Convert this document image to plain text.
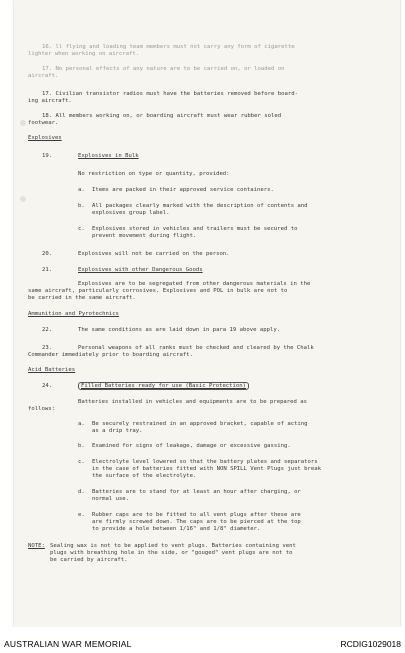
16. ll flying and loading team members must not carry any form of cigarette
lighter when working on aircraft.
17. No personal effects of any nature are to be carried on, or loaded on
aircraft.
17. Civilian transistor radios must have the batteries removed before board-
ing aircraft.
18. All members working on, or boarding aircraft must wear rubber soled
footwear.
Explosives
19.	Explosives in Bulk
No restriction on type or quantity, provided:
a. Items are packed in their approved service containers.
b. All packages clearly marked with the description of contents and
explosives group label.
c. Explosives stored in vehicles and trailers must be secured to
prevent movement during flight.
20.	Explosives will not be carried on the person.
21.	Explosives with other Dangerous Goods
Explosives are to be segregated from other dangerous materials in the
same aircraft, particularly corrosives. Explosives and POL in bulk are not to
be carried in the same aircraft.
Ammunition and Pyrotechnics
22.	The same conditions as are laid down in para 19 above apply.
23.	Personal weapons of all ranks must be checked and cleared by the Chalk
Commander immediately prior to boarding aircraft.
Acid Batteries
24.	Filled Batteries ready for use (Basic Protection)
Batteries installed in vehicles and equipments are to be prepared as
follows:
a. Be securely restrained in an approved bracket, capable of acting
as a drip tray.
b. Examined for signs of leakage, damage or excessive gassing.
c. Electrolyte level lowered so that the battery plates and separators
in the case of batteries fitted with NON SPILL Vent Plugs just break
the surface of the electrolyte.
d. Batteries are to stand for at least an hour after charging, or
normal use.
e. Rubber caps are to be fitted to all vent plugs after these are
are firmly screwed down. The caps are to be pierced at the top
to provide a hole between 1/16" and 1/8" diameter.
NOTE: Sealing wax is not to be applied to vent plugs. Batteries containing vent
plugs with breathing hole in the side, or "gouged" vent plugs are not to
be carried by aircraft.
AUSTRALIAN WAR MEMORIAL	RCDIG1029018
